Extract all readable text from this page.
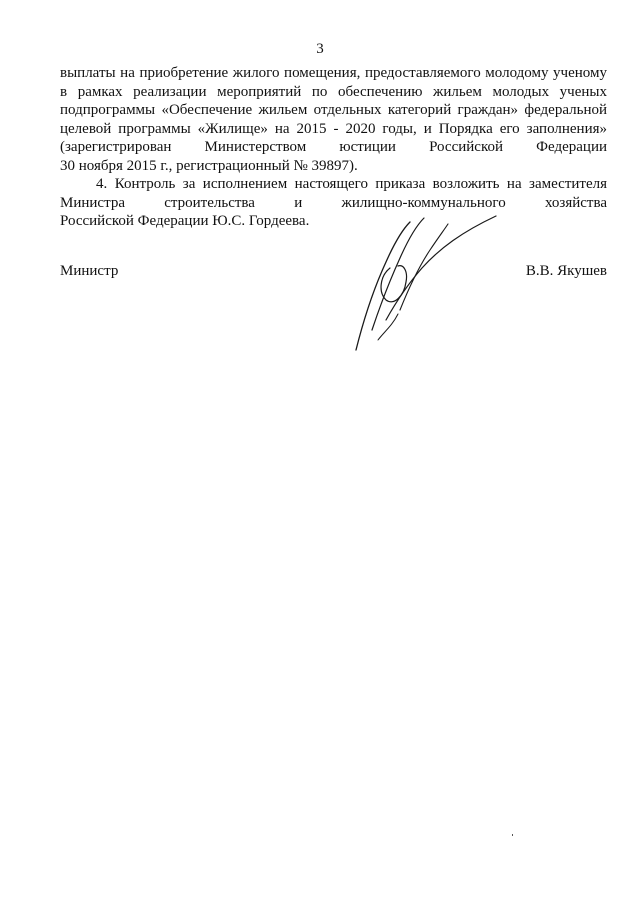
3
выплаты на приобретение жилого помещения, предоставляемого молодому ученому
в рамках реализации мероприятий по обеспечению жильем молодых ученых
подпрограммы «Обеспечение жильем отдельных категорий граждан» федеральной
целевой программы «Жилище» на 2015 - 2020 годы, и Порядка его заполнения»
(зарегистрирован Министерством юстиции Российской Федерации
30 ноября 2015 г., регистрационный № 39897).
4. Контроль за исполнением настоящего приказа возложить на заместителя
Министра строительства и жилищно-коммунального хозяйства
Российской Федерации Ю.С. Гордеева.
Министр	В.В. Якушев
